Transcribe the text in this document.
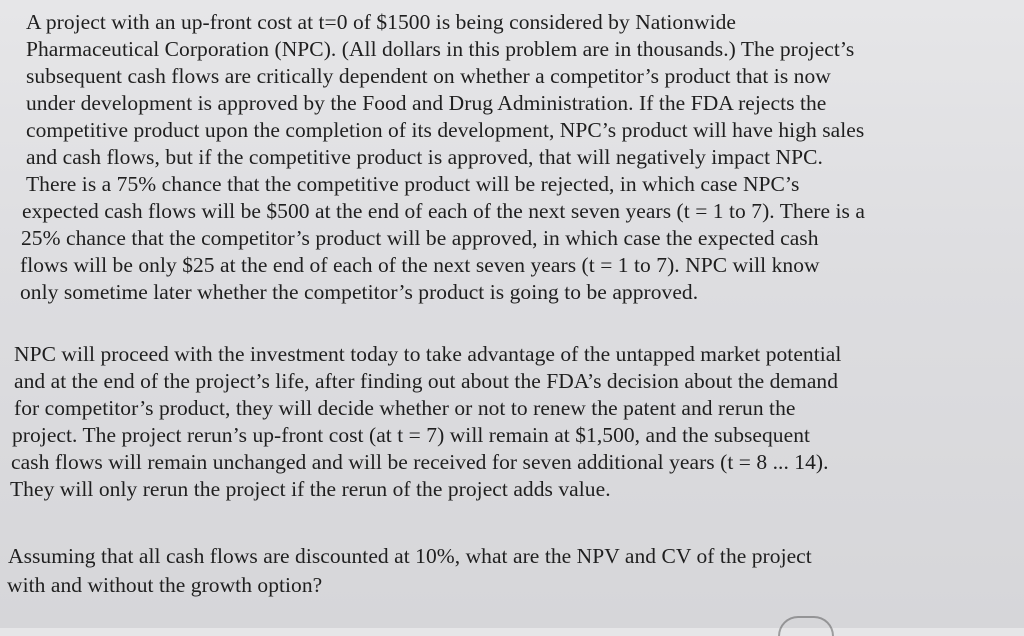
A project with an up-front cost at t=0 of $1500 is being considered by Nationwide
Pharmaceutical Corporation (NPC). (All dollars in this problem are in thousands.) The project’s
subsequent cash flows are critically dependent on whether a competitor’s product that is now
under development is approved by the Food and Drug Administration. If the FDA rejects the
competitive product upon the completion of its development, NPC’s product will have high sales
and cash flows, but if the competitive product is approved, that will negatively impact NPC.
There is a 75% chance that the competitive product will be rejected, in which case NPC’s
expected cash flows will be $500 at the end of each of the next seven years (t = 1 to 7). There is a
25% chance that the competitor’s product will be approved, in which case the expected cash
flows will be only $25 at the end of each of the next seven years (t = 1 to 7). NPC will know
only sometime later whether the competitor’s product is going to be approved.
NPC will proceed with the investment today to take advantage of the untapped market potential
and at the end of the project’s life, after finding out about the FDA’s decision about the demand
for competitor’s product, they will decide whether or not to renew the patent and rerun the
project. The project rerun’s up-front cost (at t = 7) will remain at $1,500, and the subsequent
cash flows will remain unchanged and will be received for seven additional years (t = 8 ... 14).
They will only rerun the project if the rerun of the project adds value.
Assuming that all cash flows are discounted at 10%, what are the NPV and CV of the project
with and without the growth option?
